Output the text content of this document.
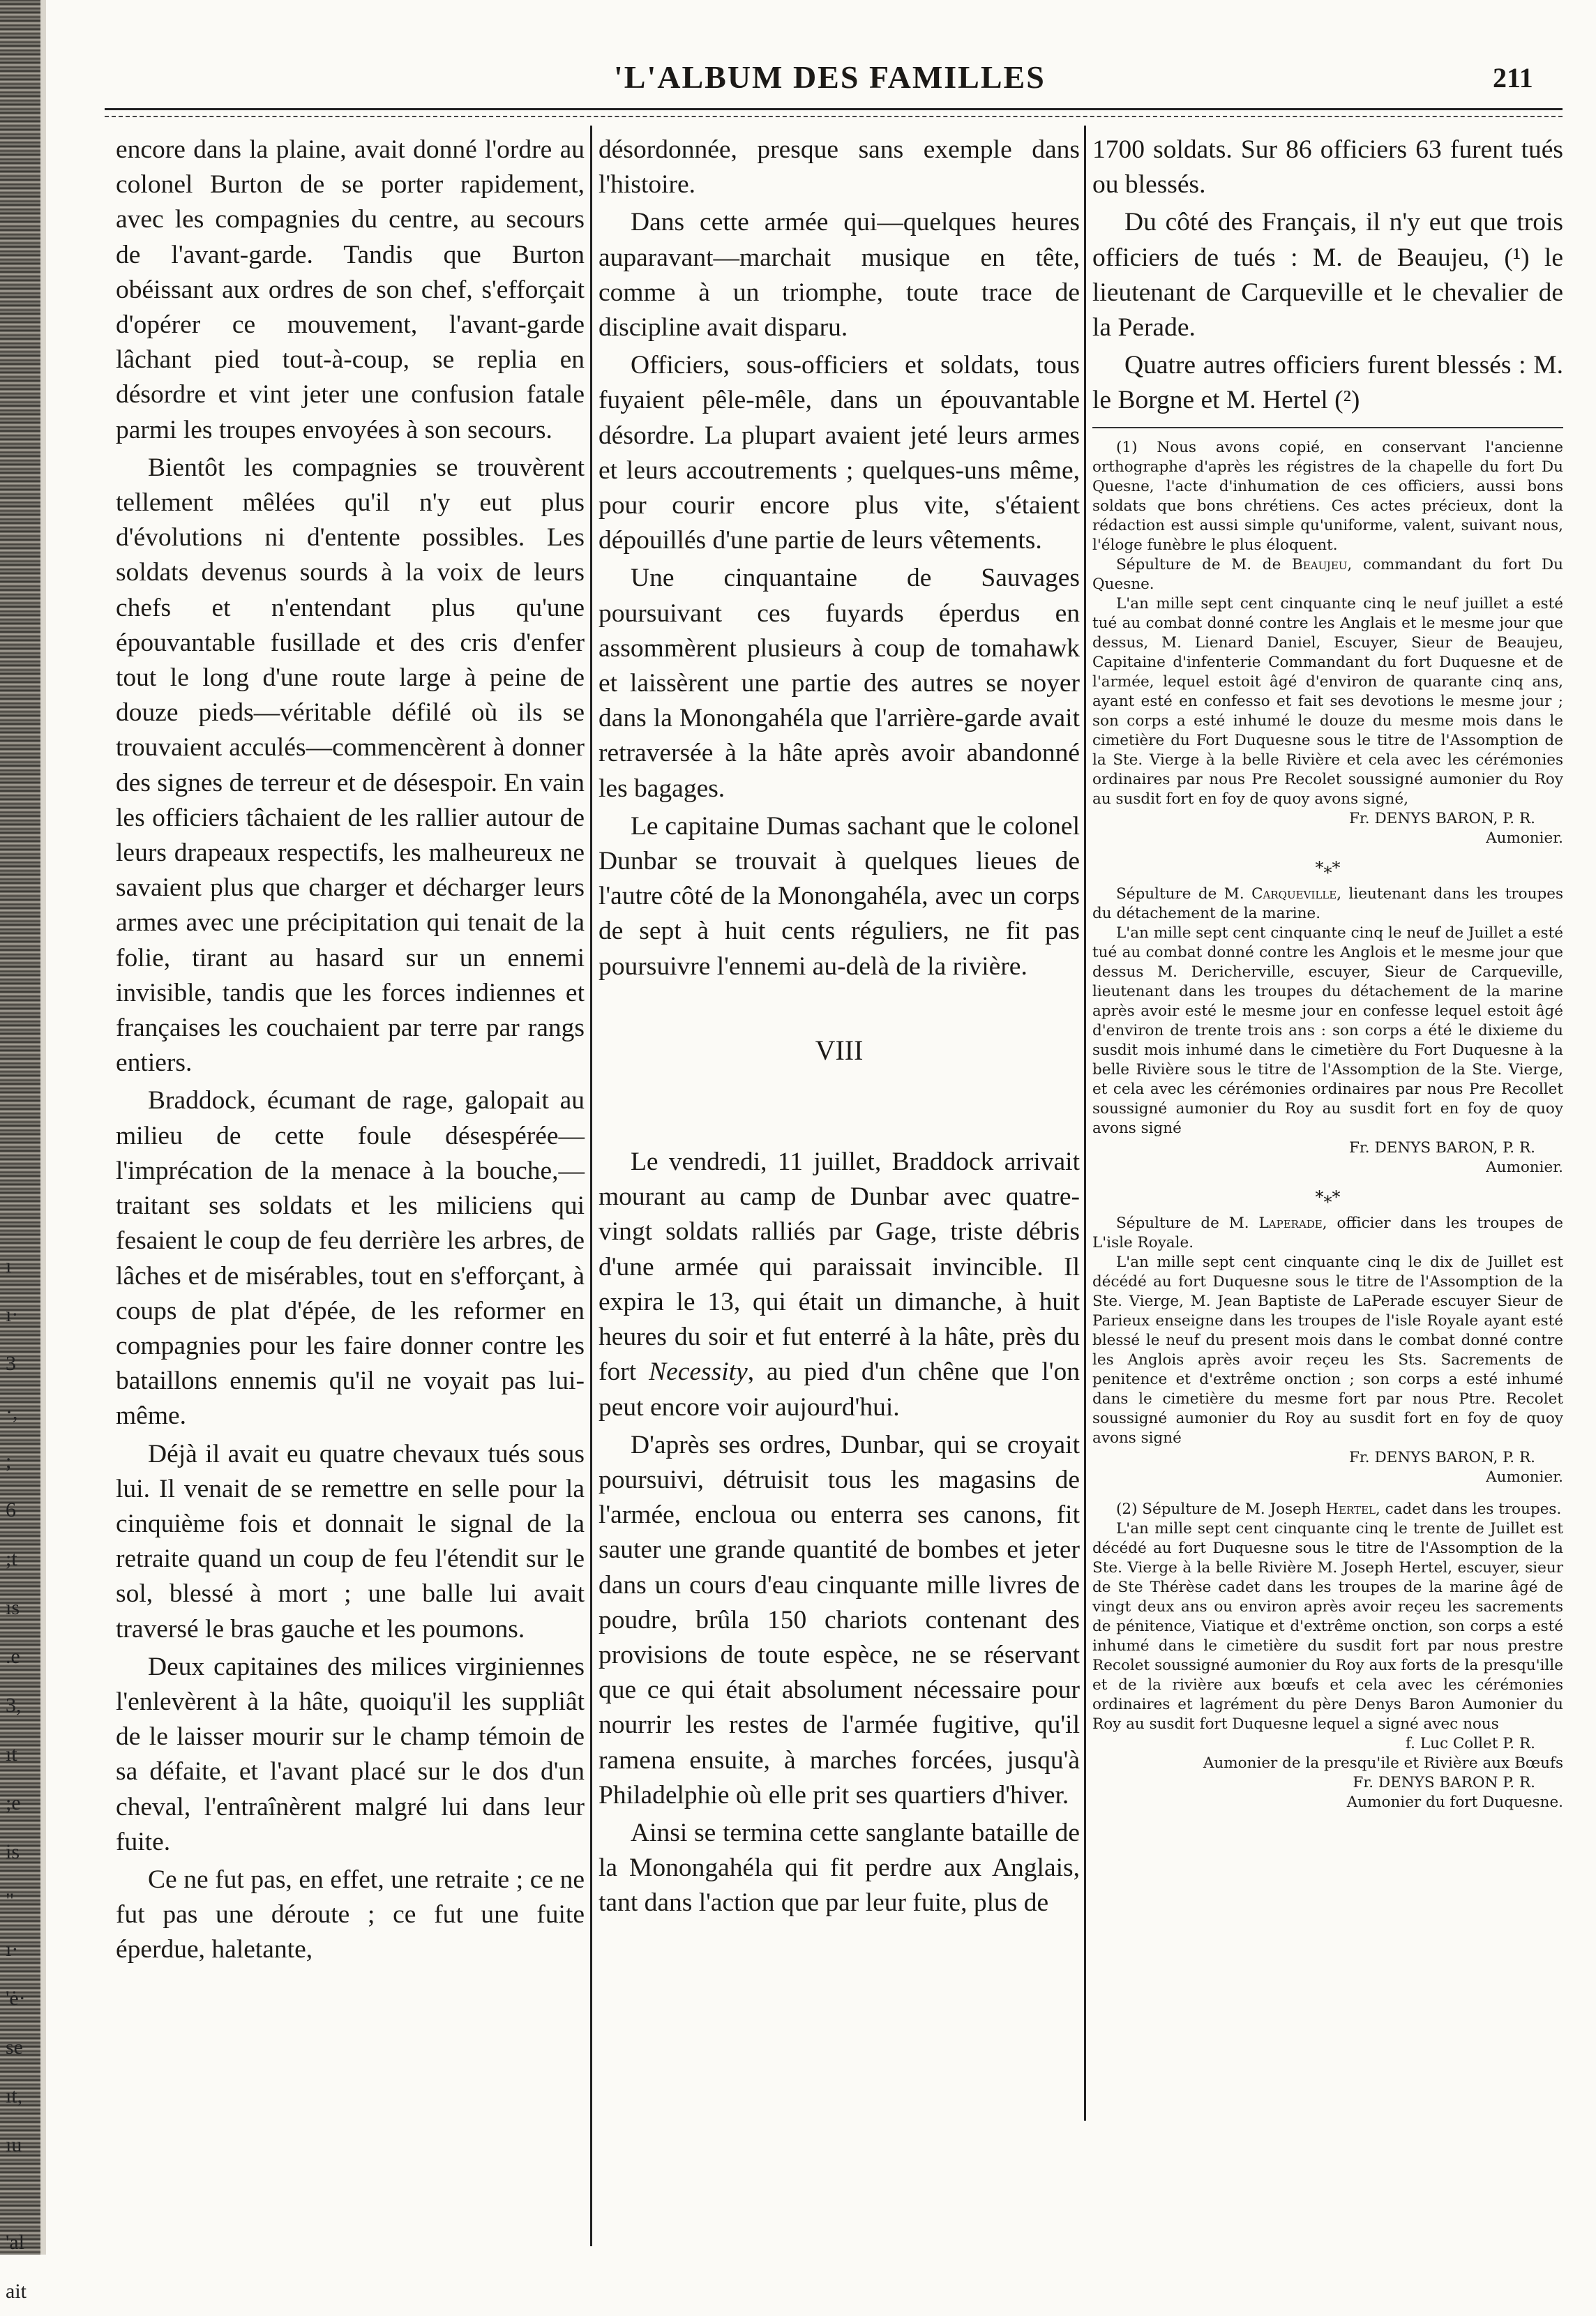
ı
ı·
3
·,
;
6
;t
ıs
.e
3,
ıt
;e
is
"
ı·
'ė·
se
ıt,
ıu

'al
ait
'L'ALBUM DES FAMILLES	211

encore dans la plaine, avait donné l'ordre au colonel Burton de se porter rapidement, avec les compagnies du centre, au secours de l'avant-garde. Tandis que Burton obéissant aux ordres de son chef, s'efforçait d'opérer ce mouvement, l'avant-garde lâchant pied tout-à-coup, se replia en désordre et vint jeter une confusion fatale parmi les troupes envoyées à son secours.

Bientôt les compagnies se trouvèrent tellement mêlées qu'il n'y eut plus d'évolutions ni d'entente possibles. Les soldats devenus sourds à la voix de leurs chefs et n'entendant plus qu'une épouvantable fusillade et des cris d'enfer tout le long d'une route large à peine de douze pieds—véritable défilé où ils se trouvaient acculés—commencèrent à donner des signes de terreur et de désespoir. En vain les officiers tâchaient de les rallier autour de leurs drapeaux respectifs, les malheureux ne savaient plus que charger et décharger leurs armes avec une précipitation qui tenait de la folie, tirant au hasard sur un ennemi invisible, tandis que les forces indiennes et françaises les couchaient par terre par rangs entiers.

Braddock, écumant de rage, galopait au milieu de cette foule désespérée—l'imprécation de la menace à la bouche,—traitant ses soldats et les miliciens qui fesaient le coup de feu derrière les arbres, de lâches et de misérables, tout en s'efforçant, à coups de plat d'épée, de les reformer en compagnies pour les faire donner contre les bataillons ennemis qu'il ne voyait pas lui-même.

Déjà il avait eu quatre chevaux tués sous lui. Il venait de se remettre en selle pour la cinquième fois et donnait le signal de la retraite quand un coup de feu l'étendit sur le sol, blessé à mort ; une balle lui avait traversé le bras gauche et les poumons.

Deux capitaines des milices virginiennes l'enlevèrent à la hâte, quoiqu'il les suppliât de le laisser mourir sur le champ témoin de sa défaite, et l'avant placé sur le dos d'un cheval, l'entraînèrent malgré lui dans leur fuite.

Ce ne fut pas, en effet, une retraite ; ce ne fut pas une déroute ; ce fut une fuite éperdue, haletante,

désordonnée, presque sans exemple dans l'histoire.

Dans cette armée qui—quelques heures auparavant—marchait musique en tête, comme à un triomphe, toute trace de discipline avait disparu.

Officiers, sous-officiers et soldats, tous fuyaient pêle-mêle, dans un épouvantable désordre. La plupart avaient jeté leurs armes et leurs accoutrements ; quelques-uns même, pour courir encore plus vite, s'étaient dépouillés d'une partie de leurs vêtements.

Une cinquantaine de Sauvages poursuivant ces fuyards éperdus en assommèrent plusieurs à coup de tomahawk et laissèrent une partie des autres se noyer dans la Monongahéla que l'arrière-garde avait retraversée à la hâte après avoir abandonné les bagages.

Le capitaine Dumas sachant que le colonel Dunbar se trouvait à quelques lieues de l'autre côté de la Monongahéla, avec un corps de sept à huit cents réguliers, ne fit pas poursuivre l'ennemi au-delà de la rivière.

VIII

Le vendredi, 11 juillet, Braddock arrivait mourant au camp de Dunbar avec quatre-vingt soldats ralliés par Gage, triste débris d'une armée qui paraissait invincible. Il expira le 13, qui était un dimanche, à huit heures du soir et fut enterré à la hâte, près du fort Necessity, au pied d'un chêne que l'on peut encore voir aujourd'hui.

D'après ses ordres, Dunbar, qui se croyait poursuivi, détruisit tous les magasins de l'armée, encloua ou enterra ses canons, fit sauter une grande quantité de bombes et jeter dans un cours d'eau cinquante mille livres de poudre, brûla 150 chariots contenant des provisions de toute espèce, ne se réservant que ce qui était absolument nécessaire pour nourrir les restes de l'armée fugitive, qu'il ramena ensuite, à marches forcées, jusqu'à Philadelphie où elle prit ses quartiers d'hiver.

Ainsi se termina cette sanglante bataille de la Monongahéla qui fit perdre aux Anglais, tant dans l'action que par leur fuite, plus de

1700 soldats. Sur 86 officiers 63 furent tués ou blessés.

Du côté des Français, il n'y eut que trois officiers de tués : M. de Beaujeu, (¹) le lieutenant de Carqueville et le chevalier de la Perade.

Quatre autres officiers furent blessés : M. le Borgne et M. Hertel (²)

(1) Nous avons copié, en conservant l'ancienne orthographe d'après les régistres de la chapelle du fort Du Quesne, l'acte d'inhumation de ces officiers, aussi bons soldats que bons chrétiens. Ces actes précieux, dont la rédaction est aussi simple qu'uniforme, valent, suivant nous, l'éloge funèbre le plus éloquent.

Sépulture de M. de Beaujeu, commandant du fort Du Quesne.

L'an mille sept cent cinquante cinq le neuf juillet a esté tué au combat donné contre les Anglais et le mesme jour que dessus, M. Lienard Daniel, Escuyer, Sieur de Beaujeu, Capitaine d'infenterie Commandant du fort Duquesne et de l'armée, lequel estoit âgé d'environ de quarante cinq ans, ayant esté en confesso et fait ses devotions le mesme jour ; son corps a esté inhumé le douze du mesme mois dans le cimetière du Fort Duquesne sous le titre de l'Assomption de la Ste. Vierge à la belle Rivière et cela avec les cérémonies ordinaires par nous Pre Recolet soussigné aumonier du Roy au susdit fort en foy de quoy avons signé,

Fr. DENYS BARON, P. R.

Aumonier.

*⁎*

Sépulture de M. Carqueville, lieutenant dans les troupes du détachement de la marine.

L'an mille sept cent cinquante cinq le neuf de Juillet a esté tué au combat donné contre les Anglois et le mesme jour que dessus M. Dericherville, escuyer, Sieur de Carqueville, lieutenant dans les troupes du détachement de la marine après avoir esté le mesme jour en confesse lequel estoit âgé d'environ de trente trois ans : son corps a été le dixieme du susdit mois inhumé dans le cimetière du Fort Duquesne à la belle Rivière sous le titre de l'Assomption de la Ste. Vierge, et cela avec les cérémonies ordinaires par nous Pre Recollet soussigné aumonier du Roy au susdit fort en foy de quoy avons signé

Fr. DENYS BARON, P. R.

Aumonier.

*⁎*

Sépulture de M. Laperade, officier dans les troupes de L'isle Royale.

L'an mille sept cent cinquante cinq le dix de Juillet est décédé au fort Duquesne sous le titre de l'Assomption de la Ste. Vierge, M. Jean Baptiste de LaPerade escuyer Sieur de Parieux enseigne dans les troupes de l'isle Royale ayant esté blessé le neuf du present mois dans le combat donné contre les Anglois après avoir reçeu les Sts. Sacrements de penitence et d'extrême onction ; son corps a esté inhumé dans le cimetière du mesme fort par nous Ptre. Recolet soussigné aumonier du Roy au susdit fort en foy de quoy avons signé

Fr. DENYS BARON, P. R.

Aumonier.

(2) Sépulture de M. Joseph Hertel, cadet dans les troupes.

L'an mille sept cent cinquante cinq le trente de Juillet est décédé au fort Duquesne sous le titre de l'Assomption de la Ste. Vierge à la belle Rivière M. Joseph Hertel, escuyer, sieur de Ste Thérèse cadet dans les troupes de la marine âgé de vingt deux ans ou environ après avoir reçeu les sacrements de pénitence, Viatique et d'extrême onction, son corps a esté inhumé dans le cimetière du susdit fort par nous prestre Recolet soussigné aumonier du Roy aux forts de la presqu'ille et de la rivière aux bœufs et cela avec les cérémonies ordinaires et lagrément du père Denys Baron Aumonier du Roy au susdit fort Duquesne lequel a signé avec nous

f. Luc Collet P. R.

Aumonier de la presqu'ile et Rivière aux Bœufs

Fr. DENYS BARON P. R.

Aumonier du fort Duquesne.
